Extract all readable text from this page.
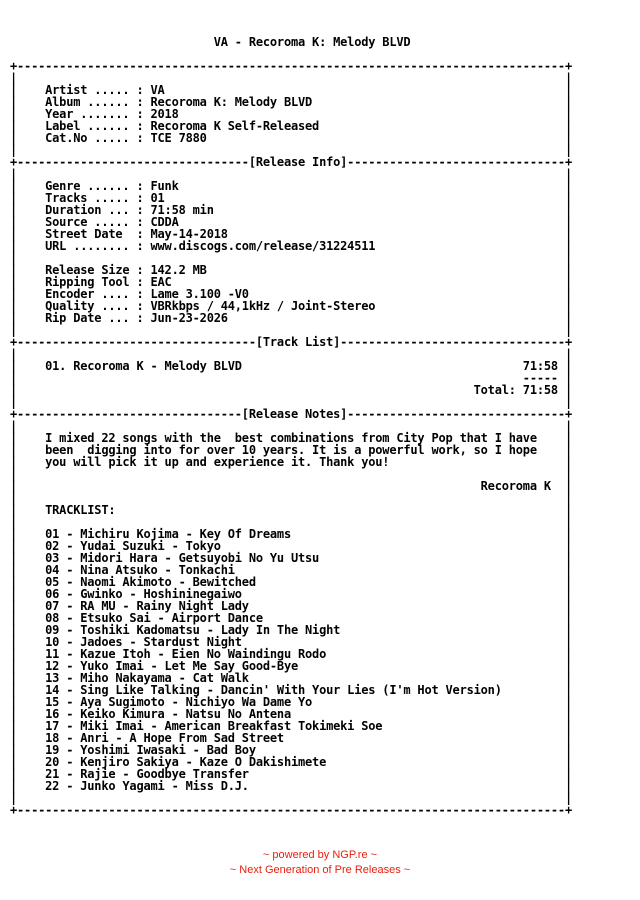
VA - Recoroma K: Melody BLVD

+------------------------------------------------------------------------------+
|                                                                              |
|    Artist ..... : VA                                                         |
|    Album ...... : Recoroma K: Melody BLVD                                    |
|    Year ....... : 2018                                                       |
|    Label ...... : Recoroma K Self-Released                                   |
|    Cat.No ..... : TCE 7880                                                   |
|                                                                              |
+---------------------------------[Release Info]-------------------------------+
|                                                                              |
|    Genre ...... : Funk                                                       |
|    Tracks ..... : 01                                                         |
|    Duration ... : 71:58 min                                                  |
|    Source ..... : CDDA                                                       |
|    Street Date  : May-14-2018                                                |
|    URL ........ : www.discogs.com/release/31224511                           |
|                                                                              |
|    Release Size : 142.2 MB                                                   |
|    Ripping Tool : EAC                                                        |
|    Encoder .... : Lame 3.100 -V0                                             |
|    Quality .... : VBRkbps / 44,1kHz / Joint-Stereo                           |
|    Rip Date ... : Jun-23-2026                                                |
|                                                                              |
+----------------------------------[Track List]--------------------------------+
|                                                                              |
|    01. Recoroma K - Melody BLVD                                        71:58 |
|                                                                        ----- |
|                                                                 Total: 71:58 |
|                                                                              |
+--------------------------------[Release Notes]-------------------------------+
|                                                                              |
|    I mixed 22 songs with the  best combinations from City Pop that I have    |
|    been  digging into for over 10 years. It is a powerful work, so I hope    |
|    you will pick it up and experience it. Thank you!                         |
|                                                                              |
|                                                                  Recoroma K  |
|                                                                              |
|    TRACKLIST:                                                                |
|                                                                              |
|    01 - Michiru Kojima - Key Of Dreams                                       |
|    02 - Yudai Suzuki - Tokyo                                                 |
|    03 - Midori Hara - Getsuyobi No Yu Utsu                                   |
|    04 - Nina Atsuko - Tonkachi                                               |
|    05 - Naomi Akimoto - Bewitched                                            |
|    06 - Gwinko - Hoshininegaiwo                                              |
|    07 - RA MU - Rainy Night Lady                                             |
|    08 - Etsuko Sai - Airport Dance                                           |
|    09 - Toshiki Kadomatsu - Lady In The Night                                |
|    10 - Jadoes - Stardust Night                                              |
|    11 - Kazue Itoh - Eien No Waindingu Rodo                                  |
|    12 - Yuko Imai - Let Me Say Good-Bye                                      |
|    13 - Miho Nakayama - Cat Walk                                             |
|    14 - Sing Like Talking - Dancin' With Your Lies (I'm Hot Version)         |
|    15 - Aya Sugimoto - Nichiyo Wa Dame Yo                                    |
|    16 - Keiko Kimura - Natsu No Antena                                       |
|    17 - Miki Imai - American Breakfast Tokimeki Soe                          |
|    18 - Anri - A Hope From Sad Street                                        |
|    19 - Yoshimi Iwasaki - Bad Boy                                            |
|    20 - Kenjiro Sakiya - Kaze O Dakishimete                                  |
|    21 - Rajie - Goodbye Transfer                                             |
|    22 - Junko Yagami - Miss D.J.                                             |
|                                                                              |
+------------------------------------------------------------------------------+

~ powered by NGP.re ~
~ Next Generation of Pre Releases ~
